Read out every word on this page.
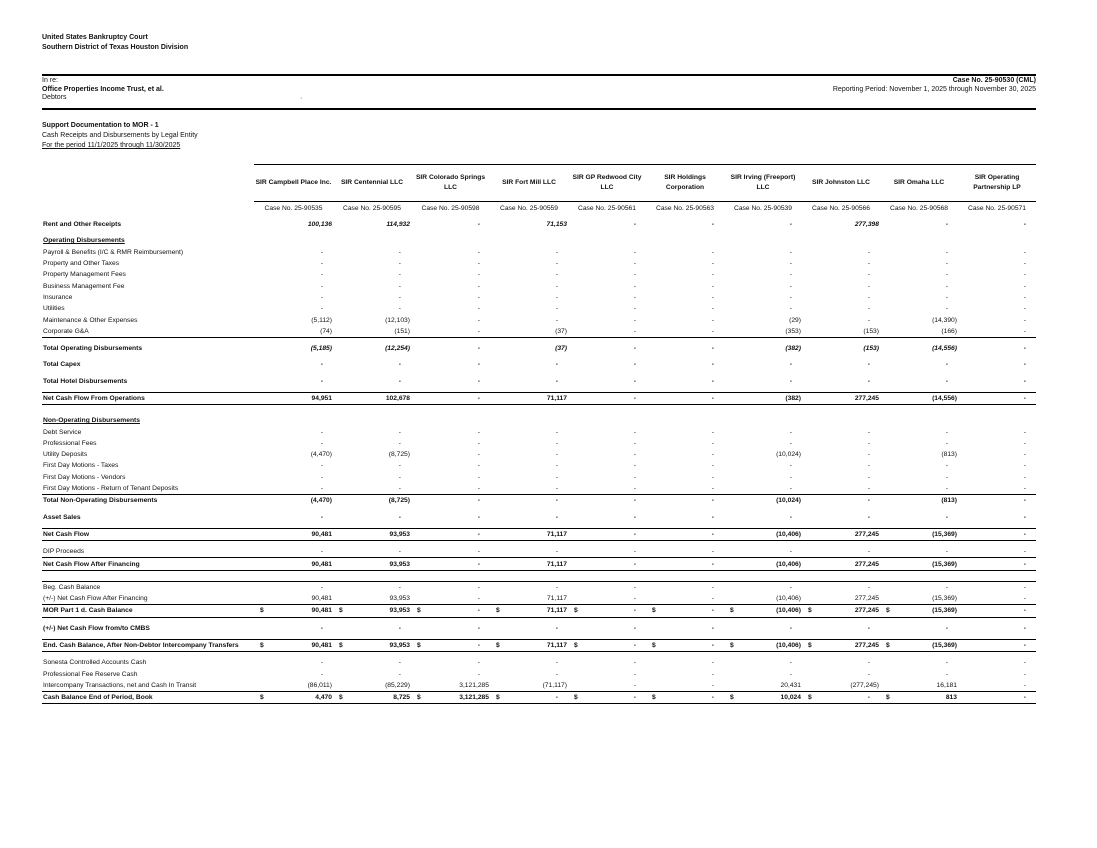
United States Bankruptcy Court
Southern District of Texas Houston Division
In re:
Office Properties Income Trust, et al.
Debtors	·
Case No. 25-90530 (CML)
Reporting Period: November 1, 2025 through November 30, 2025
Support Documentation to MOR - 1
Cash Receipts and Disbursements by Legal Entity
For the period 11/1/2025 through 11/30/2025
	SIR Campbell Place Inc.	SIR Centennial LLC	SIR Colorado Springs LLC	SIR Fort Mill LLC	SIR GP Redwood City LLC	SIR Holdings Corporation	SIR Irving (Freeport) LLC	SIR Johnston LLC	SIR Omaha LLC	SIR Operating Partnership LP
	Case No. 25-90535	Case No. 25-90595	Case No. 25-90598	Case No. 25-90559	Case No. 25-90561	Case No. 25-90563	Case No. 25-90539	Case No. 25-90566	Case No. 25-90568	Case No. 25-90571

Rent and Other Receipts	100,136	114,932	-	71,153	-	-	-	277,398	-	-

Operating Disbursements										
Payroll & Benefits (I/C & RMR Reimbursement)	-	-	-	-	-	-	-	-	-	-
Property and Other Taxes	-	-	-	-	-	-	-	-	-	-
Property Management Fees	-	-	-	-	-	-	-	-	-	-
Business Management Fee	-	-	-	-	-	-	-	-	-	-
Insurance	-	-	-	-	-	-	-	-	-	-
Utilities	-	-	-	-	-	-	-	-	-	-
Maintenance & Other Expenses	(5,112)	(12,103)	-	-	-	-	(29)	-	(14,390)	-
Corporate G&A	(74)	(151)	-	(37)	-	-	(353)	(153)	(166)	-

Total Operating Disbursements	(5,185)	(12,254)	-	(37)	-	-	(382)	(153)	(14,556)	-

Total Capex	-	-	-	-	-	-	-	-	-	-

Total Hotel Disbursements	-	-	-	-	-	-	-	-	-	-

Net Cash Flow From Operations	94,951	102,678	-	71,117	-	-	(382)	277,245	(14,556)	-

Non-Operating Disbursements										
Debt Service	-	-	-	-	-	-	-	-	-	-
Professional Fees	-	-	-	-	-	-	-	-	-	-
Utility Deposits	(4,470)	(8,725)	-	-	-	-	(10,024)	-	(813)	-
First Day Motions - Taxes	-	-	-	-	-	-	-	-	-	-
First Day Motions - Vendors	-	-	-	-	-	-	-	-	-	-
First Day Motions - Return of Tenant Deposits	-	-	-	-	-	-	-	-	-	-
Total Non-Operating Disbursements	(4,470)	(8,725)	-	-	-	-	(10,024)	-	(813)	-

Asset Sales	-	-	-	-	-	-	-	-	-	-

Net Cash Flow	90,481	93,953	-	71,117	-	-	(10,406)	277,245	(15,369)	-

DIP Proceeds	-	-	-	-	-	-	-	-	-	-
Net Cash Flow After Financing	90,481	93,953	-	71,117	-	-	(10,406)	277,245	(15,369)	-

Beg. Cash Balance	-	-	-	-	-	-	-	-	-	-
(+/-) Net Cash Flow After Financing	90,481	93,953	-	71,117	-	-	(10,406)	277,245	(15,369)	-
MOR Part 1 d. Cash Balance	$ 90,481	$ 93,953	$ -	$ 71,117	$ -	$ -	$ (10,406)	$ 277,245	$ (15,369)	-

(+/-) Net Cash Flow from/to CMBS	-	-	-	-	-	-	-	-	-	-

End. Cash Balance, After Non-Debtor Intercompany Transfers	$ 90,481	$ 93,953	$ -	$ 71,117	$ -	$ -	$ (10,406)	$ 277,245	$ (15,369)	-

Sonesta Controlled Accounts Cash	-	-	-	-	-	-	-	-	-	-
Professional Fee Reserve Cash	-	-	-	-	-	-	-	-	-	-
Intercompany Transactions, net and Cash In Transit	(86,011)	(85,229)	3,121,285	(71,117)	-	-	20,431	(277,245)	16,181	-
Cash Balance End of Period, Book	$ 4,470	$ 8,725	$ 3,121,285	$ -	$ -	$ -	$ 10,024	$ -	$ 813	-
